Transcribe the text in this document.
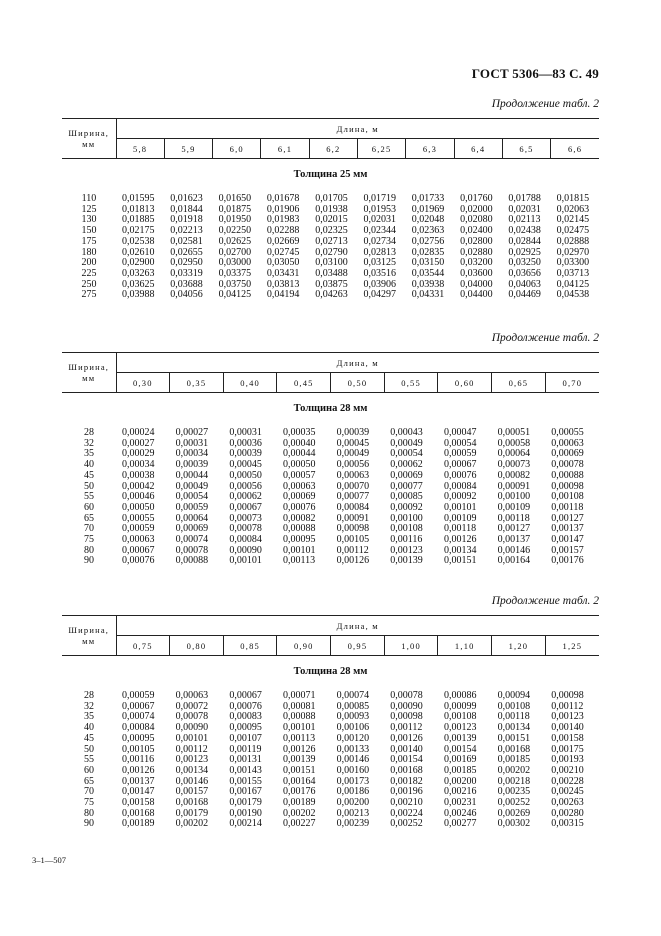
ГОСТ 5306—83 С. 49
Продолжение табл. 2
Ширина,
мм	Длина, м									
	5,8	5,9	6,0	6,1	6,2	6,25	6,3	6,4	6,5	6,6
Толщина 25 мм										

110	0,01595	0,01623	0,01650	0,01678	0,01705	0,01719	0,01733	0,01760	0,01788	0,01815
125	0,01813	0,01844	0,01875	0,01906	0,01938	0,01953	0,01969	0,02000	0,02031	0,02063
130	0,01885	0,01918	0,01950	0,01983	0,02015	0,02031	0,02048	0,02080	0,02113	0,02145
150	0,02175	0,02213	0,02250	0,02288	0,02325	0,02344	0,02363	0,02400	0,02438	0,02475
175	0,02538	0,02581	0,02625	0,02669	0,02713	0,02734	0,02756	0,02800	0,02844	0,02888
180	0,02610	0,02655	0,02700	0,02745	0,02790	0,02813	0,02835	0,02880	0,02925	0,02970
200	0,02900	0,02950	0,03000	0,03050	0,03100	0,03125	0,03150	0,03200	0,03250	0,03300
225	0,03263	0,03319	0,03375	0,03431	0,03488	0,03516	0,03544	0,03600	0,03656	0,03713
250	0,03625	0,03688	0,03750	0,03813	0,03875	0,03906	0,03938	0,04000	0,04063	0,04125
275	0,03988	0,04056	0,04125	0,04194	0,04263	0,04297	0,04331	0,04400	0,04469	0,04538
Продолжение табл. 2
Ширина,
мм	Длина, м								
	0,30	0,35	0,40	0,45	0,50	0,55	0,60	0,65	0,70
Толщина 28 мм									

28	0,00024	0,00027	0,00031	0,00035	0,00039	0,00043	0,00047	0,00051	0,00055
32	0,00027	0,00031	0,00036	0,00040	0,00045	0,00049	0,00054	0,00058	0,00063
35	0,00029	0,00034	0,00039	0,00044	0,00049	0,00054	0,00059	0,00064	0,00069
40	0,00034	0,00039	0,00045	0,00050	0,00056	0,00062	0,00067	0,00073	0,00078
45	0,00038	0,00044	0,00050	0,00057	0,00063	0,00069	0,00076	0,00082	0,00088
50	0,00042	0,00049	0,00056	0,00063	0,00070	0,00077	0,00084	0,00091	0,00098
55	0,00046	0,00054	0,00062	0,00069	0,00077	0,00085	0,00092	0,00100	0,00108
60	0,00050	0,00059	0,00067	0,00076	0,00084	0,00092	0,00101	0,00109	0,00118
65	0,00055	0,00064	0,00073	0,00082	0,00091	0,00100	0,00109	0,00118	0,00127
70	0,00059	0,00069	0,00078	0,00088	0,00098	0,00108	0,00118	0,00127	0,00137
75	0,00063	0,00074	0,00084	0,00095	0,00105	0,00116	0,00126	0,00137	0,00147
80	0,00067	0,00078	0,00090	0,00101	0,00112	0,00123	0,00134	0,00146	0,00157
90	0,00076	0,00088	0,00101	0,00113	0,00126	0,00139	0,00151	0,00164	0,00176
Продолжение табл. 2
Ширина,
мм	Длина, м								
	0,75	0,80	0,85	0,90	0,95	1,00	1,10	1,20	1,25
Толщина 28 мм									

28	0,00059	0,00063	0,00067	0,00071	0,00074	0,00078	0,00086	0,00094	0,00098
32	0,00067	0,00072	0,00076	0,00081	0,00085	0,00090	0,00099	0,00108	0,00112
35	0,00074	0,00078	0,00083	0,00088	0,00093	0,00098	0,00108	0,00118	0,00123
40	0,00084	0,00090	0,00095	0,00101	0,00106	0,00112	0,00123	0,00134	0,00140
45	0,00095	0,00101	0,00107	0,00113	0,00120	0,00126	0,00139	0,00151	0,00158
50	0,00105	0,00112	0,00119	0,00126	0,00133	0,00140	0,00154	0,00168	0,00175
55	0,00116	0,00123	0,00131	0,00139	0,00146	0,00154	0,00169	0,00185	0,00193
60	0,00126	0,00134	0,00143	0,00151	0,00160	0,00168	0,00185	0,00202	0,00210
65	0,00137	0,00146	0,00155	0,00164	0,00173	0,00182	0,00200	0,00218	0,00228
70	0,00147	0,00157	0,00167	0,00176	0,00186	0,00196	0,00216	0,00235	0,00245
75	0,00158	0,00168	0,00179	0,00189	0,00200	0,00210	0,00231	0,00252	0,00263
80	0,00168	0,00179	0,00190	0,00202	0,00213	0,00224	0,00246	0,00269	0,00280
90	0,00189	0,00202	0,00214	0,00227	0,00239	0,00252	0,00277	0,00302	0,00315
3–1—507
